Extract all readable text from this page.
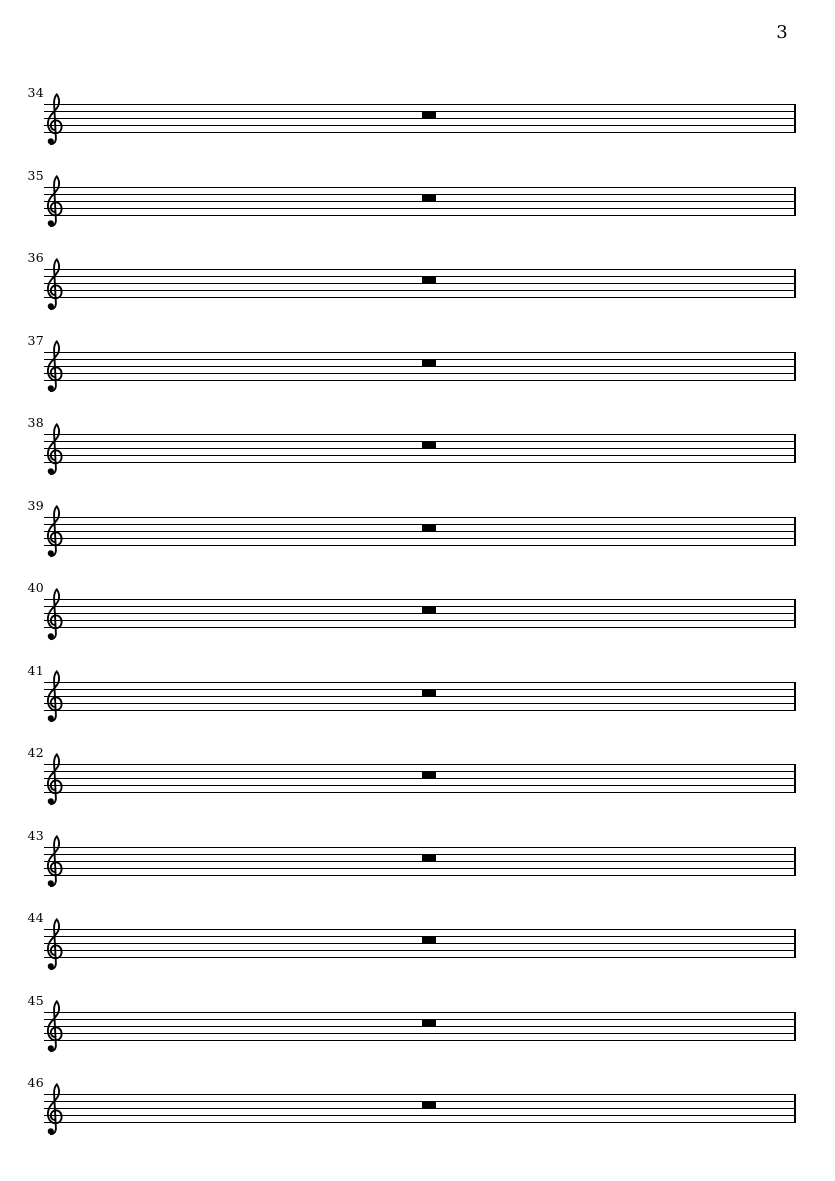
3
34
35
36
37
38
39
40
41
42
43
44
45
46
